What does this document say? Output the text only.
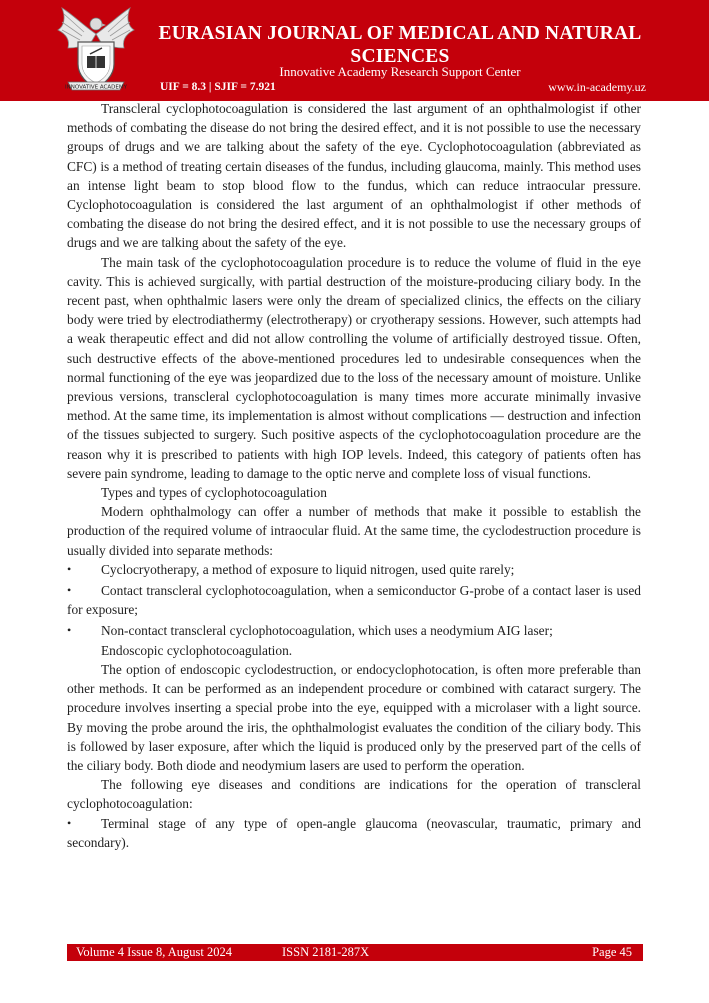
INNOVATIVE ACADEMY
EURASIAN JOURNAL OF MEDICAL AND NATURAL SCIENCES
Innovative Academy Research Support Center
UIF = 8.3 | SJIF = 7.921	www.in-academy.uz

Transcleral cyclophotocoagulation is considered the last argument of an ophthalmologist if other methods of combating the disease do not bring the desired effect, and it is not possible to use the necessary groups of drugs and we are talking about the safety of the eye. Cyclophotocoagulation (abbreviated as CFC) is a method of treating certain diseases of the fundus, including glaucoma, mainly. This method uses an intense light beam to stop blood flow to the fundus, which can reduce intraocular pressure. Cyclophotocoagulation is considered the last argument of an ophthalmologist if other methods of combating the disease do not bring the desired effect, and it is not possible to use the necessary groups of drugs and we are talking about the safety of the eye.

The main task of the cyclophotocoagulation procedure is to reduce the volume of fluid in the eye cavity. This is achieved surgically, with partial destruction of the moisture-producing ciliary body. In the recent past, when ophthalmic lasers were only the dream of specialized clinics, the effects on the ciliary body were tried by electrodiathermy (electrotherapy) or cryotherapy sessions. However, such attempts had a weak therapeutic effect and did not allow controlling the volume of artificially destroyed tissue. Often, such destructive effects of the above-mentioned procedures led to undesirable consequences when the normal functioning of the eye was jeopardized due to the loss of the necessary amount of moisture. Unlike previous versions, transcleral cyclophotocoagulation is many times more accurate minimally invasive method. At the same time, its implementation is almost without complications — destruction and infection of the tissues subjected to surgery. Such positive aspects of the cyclophotocoagulation procedure are the reason why it is prescribed to patients with high IOP levels. Indeed, this category of patients often has severe pain syndrome, leading to damage to the optic nerve and complete loss of visual functions.

Types and types of cyclophotocoagulation

Modern ophthalmology can offer a number of methods that make it possible to establish the production of the required volume of intraocular fluid. At the same time, the cyclodestruction procedure is usually divided into separate methods:

• Cyclocryotherapy, a method of exposure to liquid nitrogen, used quite rarely;
• Contact transcleral cyclophotocoagulation, when a semiconductor G-probe of a contact laser is used for exposure;
• Non-contact transcleral cyclophotocoagulation, which uses a neodymium AIG laser;

Endoscopic cyclophotocoagulation.

The option of endoscopic cyclodestruction, or endocyclophotocation, is often more preferable than other methods. It can be performed as an independent procedure or combined with cataract surgery. The procedure involves inserting a special probe into the eye, equipped with a microlaser with a light source. By moving the probe around the iris, the ophthalmologist evaluates the condition of the ciliary body. This is followed by laser exposure, after which the liquid is produced only by the preserved part of the cells of the ciliary body. Both diode and neodymium lasers are used to perform the operation.

The following eye diseases and conditions are indications for the operation of transcleral cyclophotocoagulation:

• Terminal stage of any type of open-angle glaucoma (neovascular, traumatic, primary and secondary).
Volume 4 Issue 8, August 2024	ISSN 2181-287X	Page 45
